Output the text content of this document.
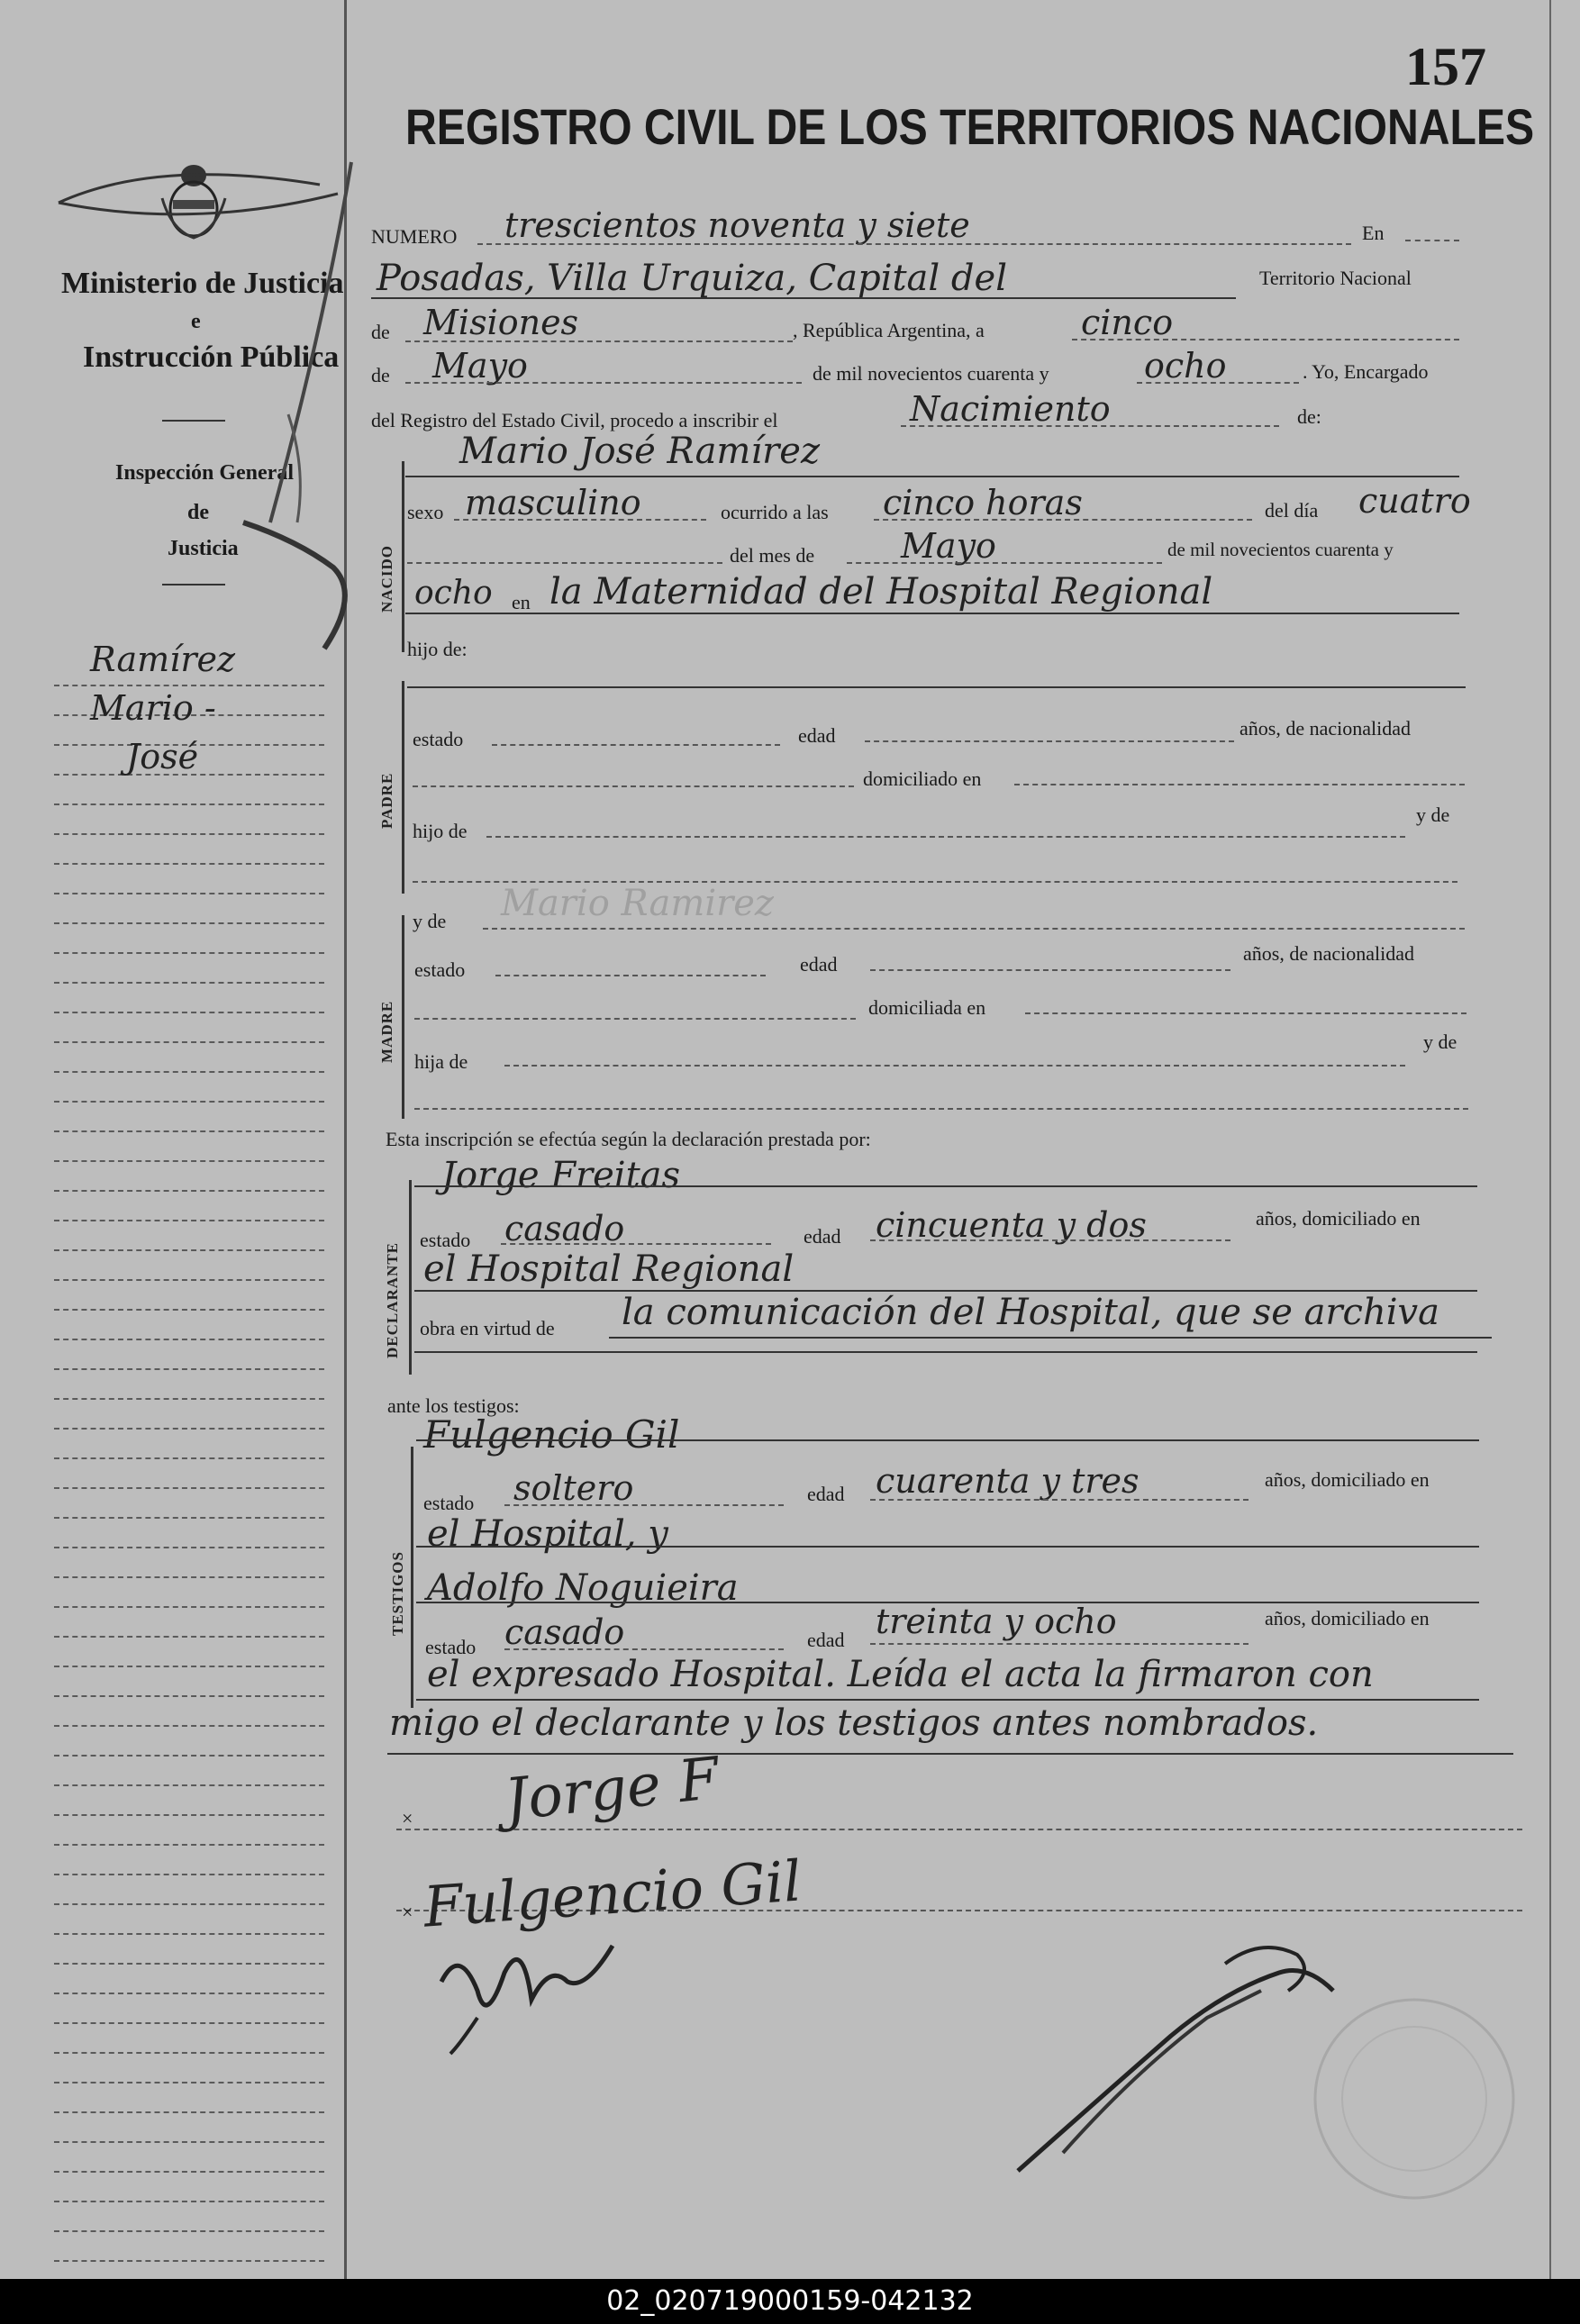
Ministerio de Justicia
e
Instrucción Pública
Inspección General
de
Justicia
Ramírez
Mario -
José
REGISTRO CIVIL DE LOS TERRITORIOS NACIONALES
157
NUMERO trescientos noventa y siete	En
Posadas, Villa Urquiza, Capital del	Territorio Nacional
de Misiones	, República Argentina, a	cinco
de Mayo	de mil novecientos cuarenta y	ocho	. Yo, Encargado
del Registro del Estado Civil, procedo a inscribir el	Nacimiento	de:
NACIDO
Mario José Ramírez
sexo masculino	ocurrido a las cinco horas	del día cuatro
del mes de	Mayo	de mil novecientos cuarenta y
ocho en la Maternidad del Hospital Regional
hijo de:
PADRE
estado	edad	años, de nacionalidad
domiciliado en
hijo de
y de
Mario Ramirez
MADRE
y de
estado	edad	años, de nacionalidad
domiciliada en
hija de
y de
Esta inscripción se efectúa según la declaración prestada por:
DECLARANTE
Jorge Freitas
estado casado	edad cincuenta y dos	años, domiciliado en
el Hospital Regional
obra en virtud de la comunicación del Hospital, que se archiva
ante los testigos:
TESTIGOS
Fulgencio Gil
estado soltero	edad cuarenta y tres	años, domiciliado en
el Hospital, y
Adolfo Noguieira
estado casado	edad treinta y ocho	años, domiciliado en
el expresado Hospital. Leída el acta la firmaron con
migo el declarante y los testigos antes nombrados.
×
×
Jorge F
Fulgencio Gil
02_020719000159-042132
